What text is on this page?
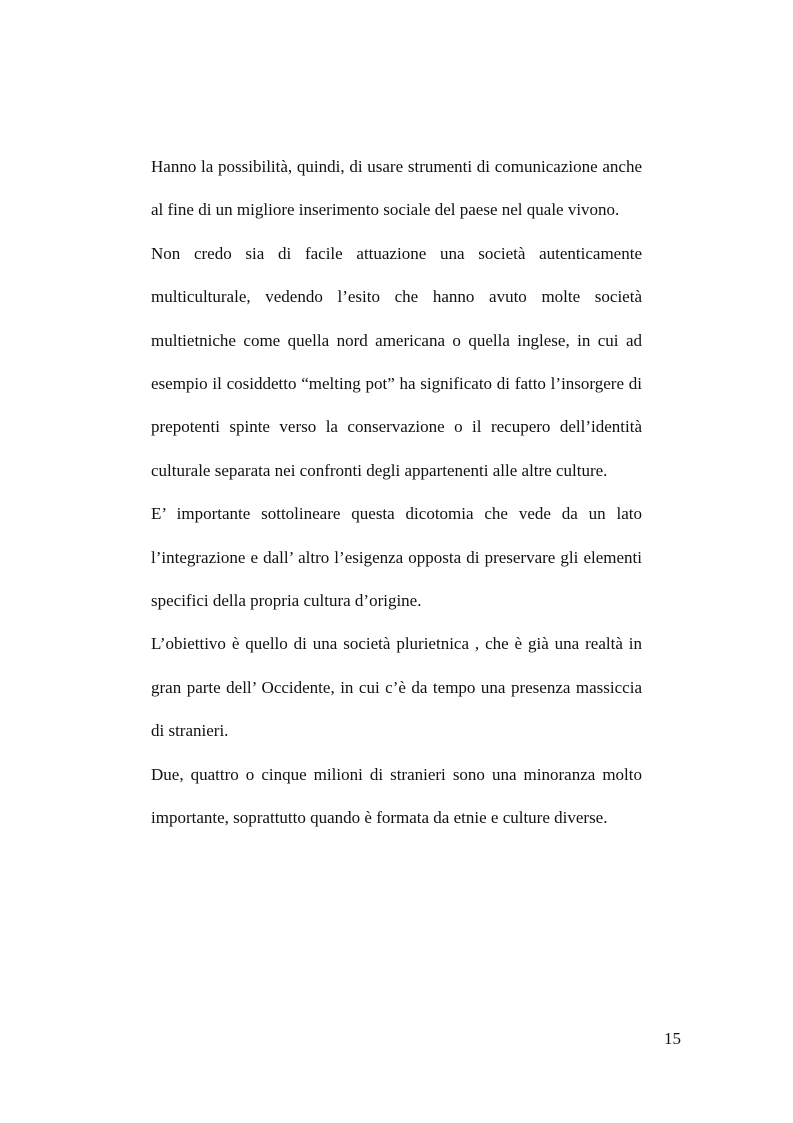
Hanno la possibilità, quindi, di usare strumenti di comunicazione anche al fine di un migliore inserimento sociale del paese nel quale vivono.

Non credo sia di facile attuazione una società autenticamente multiculturale, vedendo l’esito che hanno avuto molte società multietniche come quella nord americana o quella inglese, in cui ad esempio il cosiddetto “melting pot” ha significato di fatto l’insorgere di prepotenti spinte verso la conservazione o il recupero dell’identità culturale separata nei confronti degli appartenenti alle altre culture.

E’ importante sottolineare questa dicotomia che vede da un lato l’integrazione e dall’ altro l’esigenza opposta di preservare gli elementi specifici della propria cultura d’origine.

L’obiettivo è quello di una società plurietnica , che è già una realtà in gran parte dell’ Occidente, in cui c’è da tempo una presenza massiccia di stranieri.

Due, quattro o cinque milioni di stranieri sono una minoranza molto importante, soprattutto quando è formata da etnie e culture diverse.

15
